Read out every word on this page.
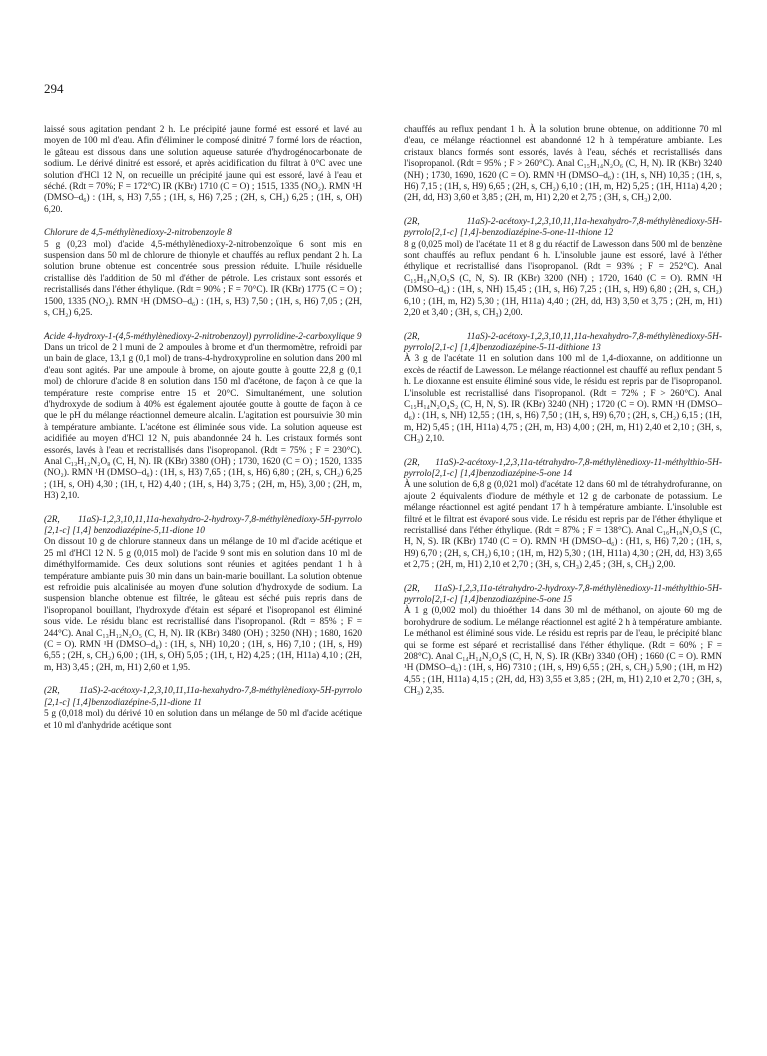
294

laissé sous agitation pendant 2 h. Le précipité jaune formé est essoré et lavé au moyen de 100 ml d'eau. Afin d'éliminer le composé dinitré 7 formé lors de réaction, le gâteau est dissous dans une solution aqueuse saturée d'hydrogénocarbonate de sodium. Le dérivé dinitré est essoré, et après acidification du filtrat à 0°C avec une solution d'HCl 12 N, on recueille un précipité jaune qui est essoré, lavé à l'eau et séché. (Rdt = 70%; F = 172°C) IR (KBr) 1710 (C = O) ; 1515, 1335 (NO₂). RMN ¹H (DMSO–d₆) : (1H, s, H3) 7,55 ; (1H, s, H6) 7,25 ; (2H, s, CH₂) 6,25 ; (1H, s, OH) 6,20.

Chlorure de 4,5-méthylènedioxy-2-nitrobenzoyle 8

5 g (0,23 mol) d'acide 4,5-méthylènedioxy-2-nitrobenzoïque 6 sont mis en suspension dans 50 ml de chlorure de thionyle et chauffés au reflux pendant 2 h. La solution brune obtenue est concentrée sous pression réduite. L'huile résiduelle cristallise dès l'addition de 50 ml d'éther de pétrole. Les cristaux sont essorés et recristallisés dans l'éther éthylique. (Rdt = 90% ; F = 70°C). IR (KBr) 1775 (C = O) ; 1500, 1335 (NO₂). RMN ¹H (DMSO–d₆) : (1H, s, H3) 7,50 ; (1H, s, H6) 7,05 ; (2H, s, CH₂) 6,25.

Acide 4-hydroxy-1-(4,5-méthylènedioxy-2-nitrobenzoyl) pyrrolidine-2-carboxylique 9

Dans un tricol de 2 l muni de 2 ampoules à brome et d'un thermomètre, refroidi par un bain de glace, 13,1 g (0,1 mol) de trans-4-hydroxyproline en solution dans 200 ml d'eau sont agités. Par une ampoule à brome, on ajoute goutte à goutte 22,8 g (0,1 mol) de chlorure d'acide 8 en solution dans 150 ml d'acétone, de façon à ce que la température reste comprise entre 15 et 20°C. Simultanément, une solution d'hydroxyde de sodium à 40% est également ajoutée goutte à goutte de façon à ce que le pH du mélange réactionnel demeure alcalin. L'agitation est poursuivie 30 min à température ambiante. L'acétone est éliminée sous vide. La solution aqueuse est acidifiée au moyen d'HCl 12 N, puis abandonnée 24 h. Les cristaux formés sont essorés, lavés à l'eau et recristallisés dans l'isopropanol. (Rdt = 75% ; F = 230°C). Anal C₁₃H₁₂N₂O₈ (C, H, N). IR (KBr) 3380 (OH) ; 1730, 1620 (C = O) ; 1520, 1335 (NO₂). RMN ¹H (DMSO–d₆) : (1H, s, H3) 7,65 ; (1H, s, H6) 6,80 ; (2H, s, CH₂) 6,25 ; (1H, s, OH) 4,30 ; (1H, t, H2) 4,40 ; (1H, s, H4) 3,75 ; (2H, m, H5), 3,00 ; (2H, m, H3) 2,10.

(2R, 11aS)-1,2,3,10,11,11a-hexahydro-2-hydroxy-7,8-méthylènedioxy-5H-pyrrolo [2,1-c] [1,4] benzodiazépine-5,11-dione 10

On dissout 10 g de chlorure stanneux dans un mélange de 10 ml d'acide acétique et 25 ml d'HCl 12 N. 5 g (0,015 mol) de l'acide 9 sont mis en solution dans 10 ml de diméthylformamide. Ces deux solutions sont réunies et agitées pendant 1 h à température ambiante puis 30 min dans un bain-marie bouillant. La solution obtenue est refroidie puis alcalinisée au moyen d'une solution d'hydroxyde de sodium. La suspension blanche obtenue est filtrée, le gâteau est séché puis repris dans de l'isopropanol bouillant, l'hydroxyde d'étain est séparé et l'isopropanol est éliminé sous vide. Le résidu blanc est recristallisé dans l'isopropanol. (Rdt = 85% ; F = 244°C). Anal C₁₃H₁₂N₂O₅ (C, H, N). IR (KBr) 3480 (OH) ; 3250 (NH) ; 1680, 1620 (C = O). RMN ¹H (DMSO–d₆) : (1H, s, NH) 10,20 ; (1H, s, H6) 7,10 ; (1H, s, H9) 6,55 ; (2H, s, CH₂) 6,00 ; (1H, s, OH) 5,05 ; (1H, t, H2) 4,25 ; (1H, H11a) 4,10 ; (2H, m, H3) 3,45 ; (2H, m, H1) 2,60 et 1,95.

(2R, 11aS)-2-acétoxy-1,2,3,10,11,11a-hexahydro-7,8-méthylènedioxy-5H-pyrrolo [2,1-c] [1,4]benzodiazépine-5,11-dione 11

5 g (0,018 mol) du dérivé 10 en solution dans un mélange de 50 ml d'acide acétique et 10 ml d'anhydride acétique sont

chauffés au reflux pendant 1 h. À la solution brune obtenue, on additionne 70 ml d'eau, ce mélange réactionnel est abandonné 12 h à température ambiante. Les cristaux blancs formés sont essorés, lavés à l'eau, séchés et recristallisés dans l'isopropanol. (Rdt = 95% ; F > 260°C). Anal C₁₅H₁₄N₂O₆ (C, H, N). IR (KBr) 3240 (NH) ; 1730, 1690, 1620 (C = O). RMN ¹H (DMSO–d₆) : (1H, s, NH) 10,35 ; (1H, s, H6) 7,15 ; (1H, s, H9) 6,65 ; (2H, s, CH₂) 6,10 ; (1H, m, H2) 5,25 ; (1H, H11a) 4,20 ; (2H, dd, H3) 3,60 et 3,85 ; (2H, m, H1) 2,20 et 2,75 ; (3H, s, CH₃) 2,00.

(2R, 11aS)-2-acétoxy-1,2,3,10,11,11a-hexahydro-7,8-méthylènedioxy-5H-pyrrolo[2,1-c] [1,4]-benzodiazépine-5-one-11-thione 12

8 g (0,025 mol) de l'acétate 11 et 8 g du réactif de Lawesson dans 500 ml de benzène sont chauffés au reflux pendant 6 h. L'insoluble jaune est essoré, lavé à l'éther éthylique et recristallisé dans l'isopropanol. (Rdt = 93% ; F = 252°C). Anal C₁₅H₁₄N₂O₅S (C, N, S). IR (KBr) 3200 (NH) ; 1720, 1640 (C = O). RMN ¹H (DMSO–d₆) : (1H, s, NH) 15,45 ; (1H, s, H6) 7,25 ; (1H, s, H9) 6,80 ; (2H, s, CH₂) 6,10 ; (1H, m, H2) 5,30 ; (1H, H11a) 4,40 ; (2H, dd, H3) 3,50 et 3,75 ; (2H, m, H1) 2,20 et 3,40 ; (3H, s, CH₃) 2,00.

(2R, 11aS)-2-acétoxy-1,2,3,10,11,11a-hexahydro-7,8-méthylènedioxy-5H-pyrrolo[2,1-c] [1,4]benzodiazépine-5-11-dithione 13

À 3 g de l'acétate 11 en solution dans 100 ml de 1,4-dioxanne, on additionne un excès de réactif de Lawesson. Le mélange réactionnel est chauffé au reflux pendant 5 h. Le dioxanne est ensuite éliminé sous vide, le résidu est repris par de l'isopropanol. L'insoluble est recristallisé dans l'isopropanol. (Rdt = 72% ; F > 260°C). Anal C₁₅H₁₄N₂O₄S₂ (C, H, N, S). IR (KBr) 3240 (NH) ; 1720 (C = O). RMN ¹H (DMSO–d₆) : (1H, s, NH) 12,55 ; (1H, s, H6) 7,50 ; (1H, s, H9) 6,70 ; (2H, s, CH₂) 6,15 ; (1H, m, H2) 5,45 ; (1H, H11a) 4,75 ; (2H, m, H3) 4,00 ; (2H, m, H1) 2,40 et 2,10 ; (3H, s, CH₃) 2,10.

(2R, 11aS)-2-acétoxy-1,2,3,11a-tétrahydro-7,8-méthylènedioxy-11-méthylthio-5H-pyrrolo[2,1-c] [1,4]benzodiazépine-5-one 14

À une solution de 6,8 g (0,021 mol) d'acétate 12 dans 60 ml de tétrahydrofuranne, on ajoute 2 équivalents d'iodure de méthyle et 12 g de carbonate de potassium. Le mélange réactionnel est agité pendant 17 h à température ambiante. L'insoluble est filtré et le filtrat est évaporé sous vide. Le résidu est repris par de l'éther éthylique et recristallisé dans l'éther éthylique. (Rdt = 87% ; F = 138°C). Anal C₁₆H₁₆N₂O₅S (C, H, N, S). IR (KBr) 1740 (C = O). RMN ¹H (DMSO–d₆) : (H1, s, H6) 7,20 ; (1H, s, H9) 6,70 ; (2H, s, CH₂) 6,10 ; (1H, m, H2) 5,30 ; (1H, H11a) 4,30 ; (2H, dd, H3) 3,65 et 2,75 ; (2H, m, H1) 2,10 et 2,70 ; (3H, s, CH₃) 2,45 ; (3H, s, CH₃) 2,00.

(2R, 11aS)-1,2,3,11a-tétrahydro-2-hydroxy-7,8-méthylènedioxy-11-méthylthio-5H-pyrrolo[2,1-c] [1,4]benzodiazépine-5-one 15

À 1 g (0,002 mol) du thioéther 14 dans 30 ml de méthanol, on ajoute 60 mg de borohydrure de sodium. Le mélange réactionnel est agité 2 h à température ambiante. Le méthanol est éliminé sous vide. Le résidu est repris par de l'eau, le précipité blanc qui se forme est séparé et recristallisé dans l'éther éthylique. (Rdt = 60% ; F = 208°C). Anal C₁₄H₁₄N₂O₄S (C, H, N, S). IR (KBr) 3340 (OH) ; 1660 (C = O). RMN ¹H (DMSO–d₆) : (1H, s, H6) 7310 ; (1H, s, H9) 6,55 ; (2H, s, CH₂) 5,90 ; (1H, m H2) 4,55 ; (1H, H11a) 4,15 ; (2H, dd, H3) 3,55 et 3,85 ; (2H, m, H1) 2,10 et 2,70 ; (3H, s, CH₃) 2,35.
